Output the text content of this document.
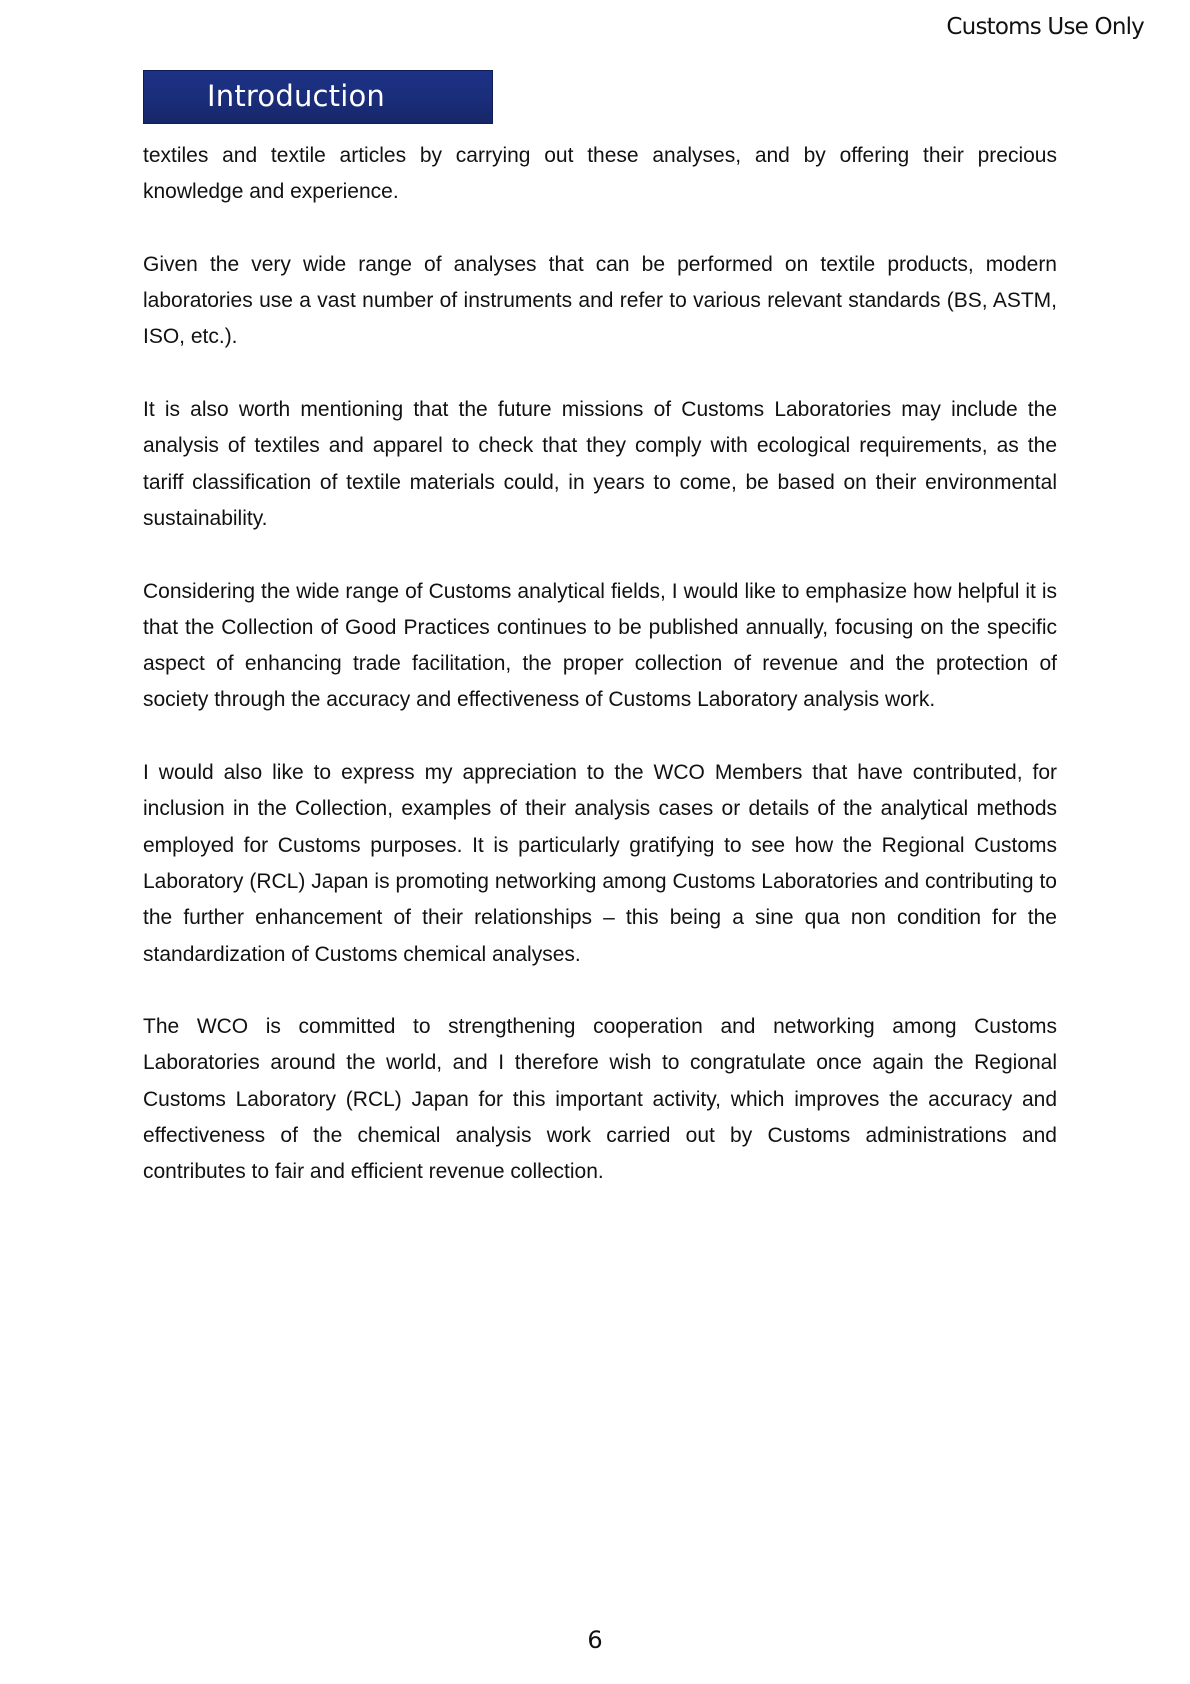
Customs Use Only
Introduction

textiles and textile articles by carrying out these analyses, and by offering their precious knowledge and experience.

Given the very wide range of analyses that can be performed on textile products, modern laboratories use a vast number of instruments and refer to various relevant standards (BS, ASTM, ISO, etc.).

It is also worth mentioning that the future missions of Customs Laboratories may include the analysis of textiles and apparel to check that they comply with ecological requirements, as the tariff classification of textile materials could, in years to come, be based on their environmental sustainability.

Considering the wide range of Customs analytical fields, I would like to emphasize how helpful it is that the Collection of Good Practices continues to be published annually, focusing on the specific aspect of enhancing trade facilitation, the proper collection of revenue and the protection of society through the accuracy and effectiveness of Customs Laboratory analysis work.

I would also like to express my appreciation to the WCO Members that have contributed, for inclusion in the Collection, examples of their analysis cases or details of the analytical methods employed for Customs purposes. It is particularly gratifying to see how the Regional Customs Laboratory (RCL) Japan is promoting networking among Customs Laboratories and contributing to the further enhancement of their relationships – this being a sine qua non condition for the standardization of Customs chemical analyses.

The WCO is committed to strengthening cooperation and networking among Customs Laboratories around the world, and I therefore wish to congratulate once again the Regional Customs Laboratory (RCL) Japan for this important activity, which improves the accuracy and effectiveness of the chemical analysis work carried out by Customs administrations and contributes to fair and efficient revenue collection.

6
